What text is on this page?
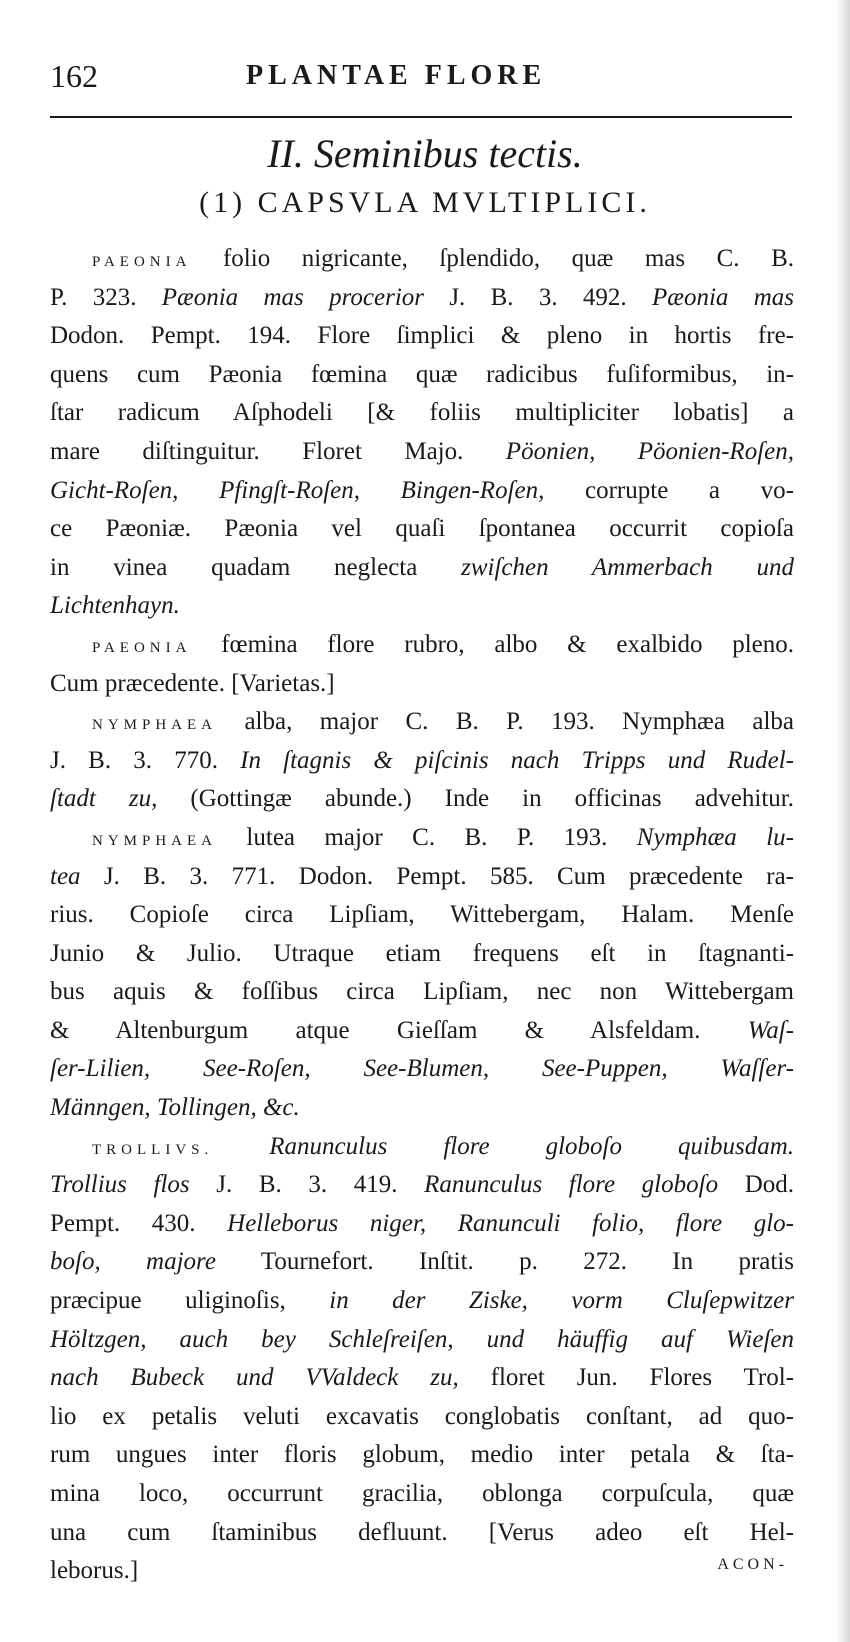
162	PLANTAE FLORE
II. Seminibus tectis.
(1) CAPSVLA MVLTIPLICI.
PAEONIA folio nigricante, ſplendido, quæ mas C. B.
P. 323. Pæonia mas procerior J. B. 3. 492. Pæonia mas
Dodon. Pempt. 194. Flore ſimplici & pleno in hortis fre-
quens cum Pæonia fœmina quæ radicibus fuſiformibus, in-
ſtar radicum Aſphodeli [& foliis multipliciter lobatis] a
mare diſtinguitur. Floret Majo. Pöonien, Pöonien-Roſen,
Gicht-Roſen, Pfingſt-Roſen, Bingen-Roſen, corrupte a vo-
ce Pæoniæ. Pæonia vel quaſi ſpontanea occurrit copioſa
in vinea quadam neglecta zwiſchen Ammerbach und
Lichtenhayn.
PAEONIA fœmina flore rubro, albo & exalbido pleno.
Cum præcedente. [Varietas.]
NYMPHAEA alba, major C. B. P. 193. Nymphæa alba
J. B. 3. 770. In ſtagnis & piſcinis nach Tripps und Rudel-
ſtadt zu, (Gottingæ abunde.) Inde in officinas advehitur.
NYMPHAEA lutea major C. B. P. 193. Nymphæa lu-
tea J. B. 3. 771. Dodon. Pempt. 585. Cum præcedente ra-
rius. Copioſe circa Lipſiam, Wittebergam, Halam. Menſe
Junio & Julio. Utraque etiam frequens eſt in ſtagnanti-
bus aquis & foſſibus circa Lipſiam, nec non Wittebergam
& Altenburgum atque Gieſſam & Alsfeldam. Waſ-
ſer-Lilien, See-Roſen, See-Blumen, See-Puppen, Waſſer-
Männgen, Tollingen, &c.
TROLLIVS. Ranunculus flore globoſo quibusdam.
Trollius flos J. B. 3. 419. Ranunculus flore globoſo Dod.
Pempt. 430. Helleborus niger, Ranunculi folio, flore glo-
boſo, majore Tournefort. Inſtit. p. 272. In pratis
præcipue uliginoſis, in der Ziske, vorm Cluſepwitzer
Höltzgen, auch bey Schleſreiſen, und häuffig auf Wieſen
nach Bubeck und VValdeck zu, floret Jun. Flores Trol-
lio ex petalis veluti excavatis conglobatis conſtant, ad quo-
rum ungues inter floris globum, medio inter petala & ſta-
mina loco, occurrunt gracilia, oblonga corpuſcula, quæ
una cum ſtaminibus defluunt. [Verus adeo eſt Hel-
leborus.]	ACON-
